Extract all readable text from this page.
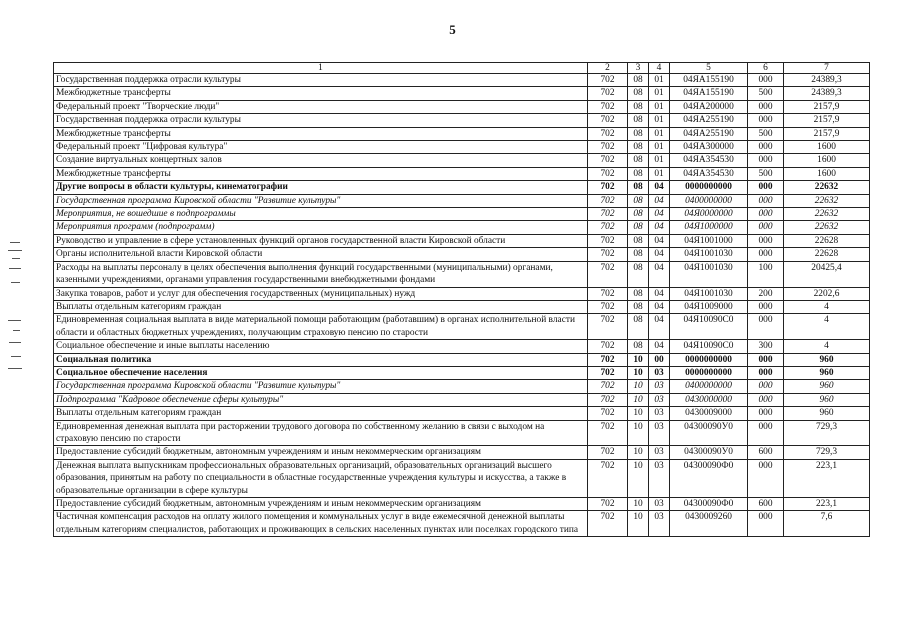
5
1	2	3	4	5	6	7
Государственная поддержка отрасли культуры	702	08	01	04ЯA155190	000	24389,3
Межбюджетные трансферты	702	08	01	04ЯA155190	500	24389,3
Федеральный проект "Творческие люди"	702	08	01	04ЯA200000	000	2157,9
Государственная поддержка отрасли культуры	702	08	01	04ЯA255190	000	2157,9
Межбюджетные трансферты	702	08	01	04ЯA255190	500	2157,9
Федеральный проект "Цифровая культура"	702	08	01	04ЯA300000	000	1600
Создание виртуальных концертных залов	702	08	01	04ЯA354530	000	1600
Межбюджетные трансферты	702	08	01	04ЯA354530	500	1600
Другие вопросы в области культуры, кинематографии	702	08	04	0000000000	000	22632
Государственная программа Кировской области "Развитие культуры"	702	08	04	0400000000	000	22632
Мероприятия, не вошедшие в подпрограммы	702	08	04	04Я0000000	000	22632
Мероприятия программ (подпрограмм)	702	08	04	04Я1000000	000	22632
Руководство и управление в сфере установленных функций органов государственной власти Кировской области	702	08	04	04Я1001000	000	22628
Органы исполнительной власти Кировской области	702	08	04	04Я1001030	000	22628
Расходы на выплаты персоналу в целях обеспечения выполнения функций государственными (муниципальными) органами, казенными учреждениями, органами управления государственными внебюджетными фондами	702	08	04	04Я1001030	100	20425,4
Закупка товаров, работ и услуг для обеспечения государственных (муниципальных) нужд	702	08	04	04Я1001030	200	2202,6
Выплаты отдельным категориям граждан	702	08	04	04Я1009000	000	4
Единовременная социальная выплата в виде материальной помощи работающим (работавшим) в органах исполнительной власти области и областных бюджетных учреждениях, получающим страховую пенсию по старости	702	08	04	04Я10090С0	000	4
Социальное обеспечение и иные выплаты населению	702	08	04	04Я10090С0	300	4
Социальная политика	702	10	00	0000000000	000	960
Социальное обеспечение населения	702	10	03	0000000000	000	960
Государственная программа Кировской области "Развитие культуры"	702	10	03	0400000000	000	960
Подпрограмма "Кадровое обеспечение сферы культуры"	702	10	03	0430000000	000	960
Выплаты отдельным категориям граждан	702	10	03	0430009000	000	960
Единовременная денежная выплата при расторжении трудового договора по собственному желанию в связи с выходом на страховую пенсию по старости	702	10	03	04300090У0	000	729,3
Предоставление субсидий бюджетным, автономным учреждениям и иным некоммерческим организациям	702	10	03	04300090У0	600	729,3
Денежная выплата выпускникам профессиональных образовательных организаций, образовательных организаций высшего образования, принятым на работу по специальности в областные государственные учреждения культуры и искусства, а также в образовательные организации в сфере культуры	702	10	03	04300090Ф0	000	223,1
Предоставление субсидий бюджетным, автономным учреждениям и иным некоммерческим организациям	702	10	03	04300090Ф0	600	223,1
Частичная компенсация расходов на оплату жилого помещения и коммунальных услуг в виде ежемесячной денежной выплаты отдельным категориям специалистов, работающих и проживающих в сельских населенных пунктах или поселках городского типа	702	10	03	0430009260	000	7,6
